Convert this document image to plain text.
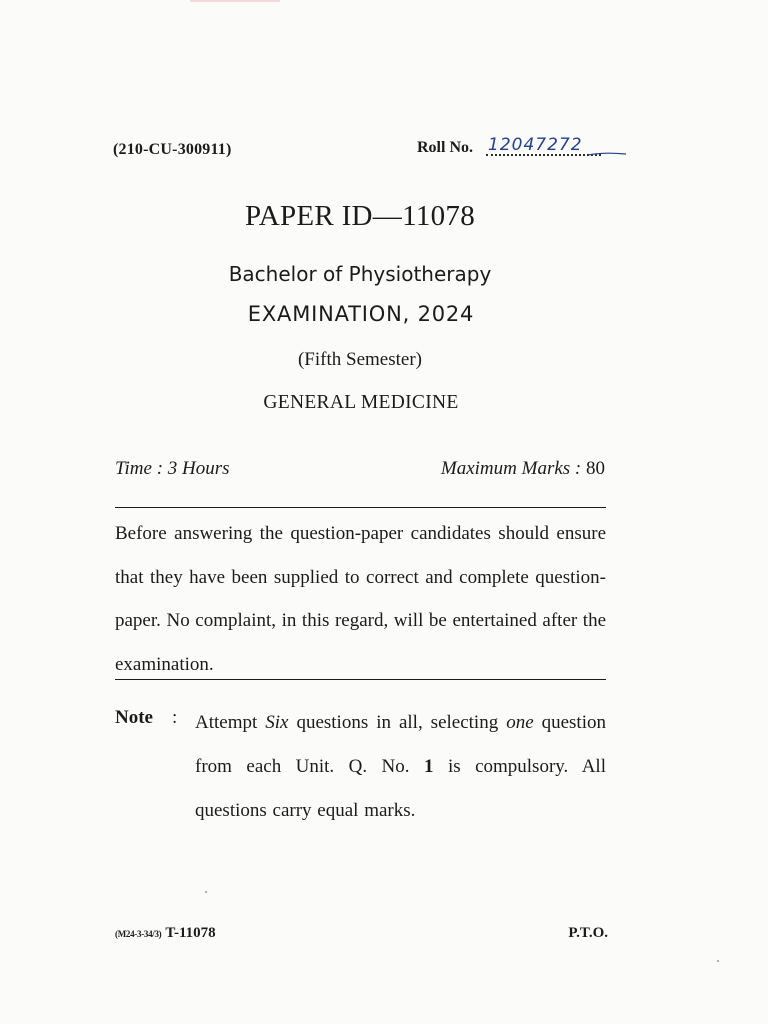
(210-CU-300911)	Roll No. 12047272
PAPER ID—11078
Bachelor of Physiotherapy
EXAMINATION, 2024
(Fifth Semester)
GENERAL MEDICINE
Time : 3 Hours	Maximum Marks : 80
Before answering the question-paper candidates should ensure that they have been supplied to correct and complete question-paper. No complaint, in this regard, will be entertained after the examination.
Note : Attempt Six questions in all, selecting one question from each Unit. Q. No. 1 is compulsory. All questions carry equal marks.
(M24-3-34/3) T-11078	P.T.O.
